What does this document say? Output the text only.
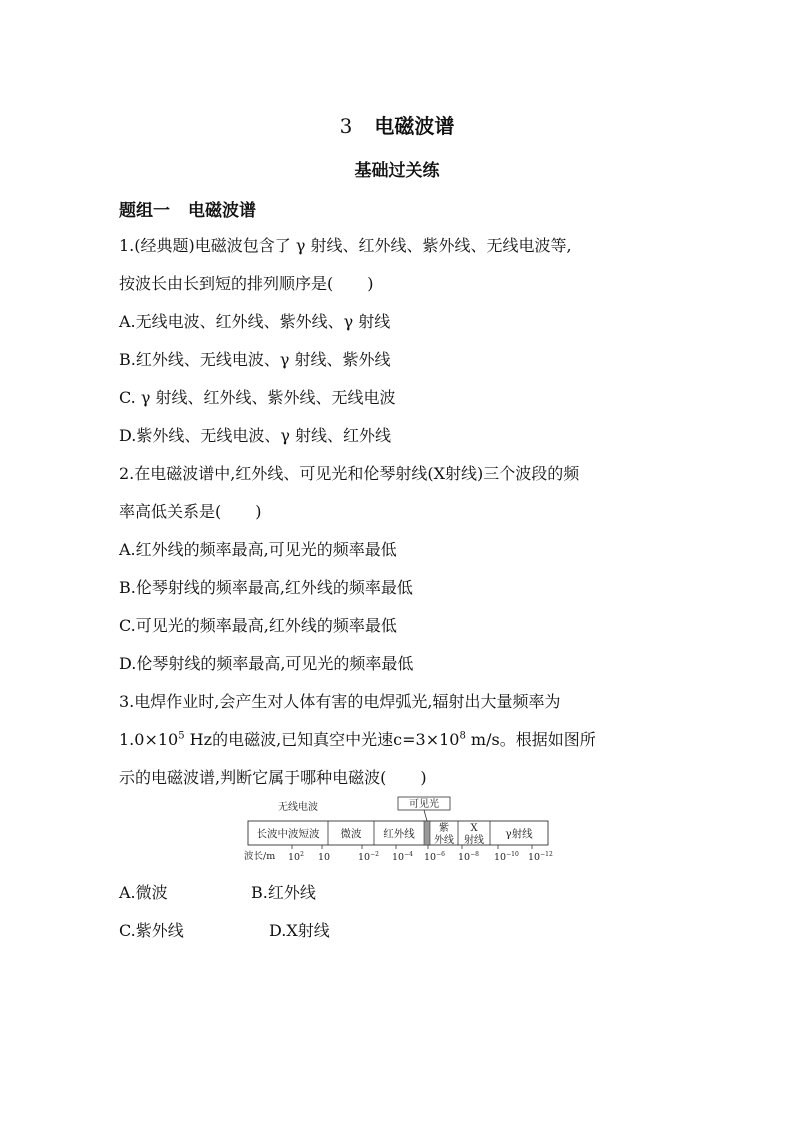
3 电磁波谱
基础过关练
题组一 电磁波谱
1.(经典题)电磁波包含了 γ 射线、红外线、紫外线、无线电波等,
按波长由长到短的排列顺序是( )
A.无线电波、红外线、紫外线、γ 射线
B.红外线、无线电波、γ 射线、紫外线
C. γ 射线、红外线、紫外线、无线电波
D.紫外线、无线电波、γ 射线、红外线
2.在电磁波谱中,红外线、可见光和伦琴射线(X射线)三个波段的频
率高低关系是( )
A.红外线的频率最高,可见光的频率最低
B.伦琴射线的频率最高,红外线的频率最低
C.可见光的频率最高,红外线的频率最低
D.伦琴射线的频率最高,可见光的频率最低
3.电焊作业时,会产生对人体有害的电焊弧光,辐射出大量频率为
$1.0\times 10^5$ Hz的电磁波,已知真空中光速$c=3\times 10^8$ m/s。根据如图所
示的电磁波谱,判断它属于哪种电磁波( )
A.微波	B.红外线
C.紫外线	D.X射线
无线电波	可见光
长波中波短波 微波 红外线 紫
外线
X
射线
γ射线
波长/m $10^2$ 10	$10^{-2}$ $10^{-4}$ $10^{-6}$ $10^{-8}$ $10^{-10}$ $10^{-12}$
